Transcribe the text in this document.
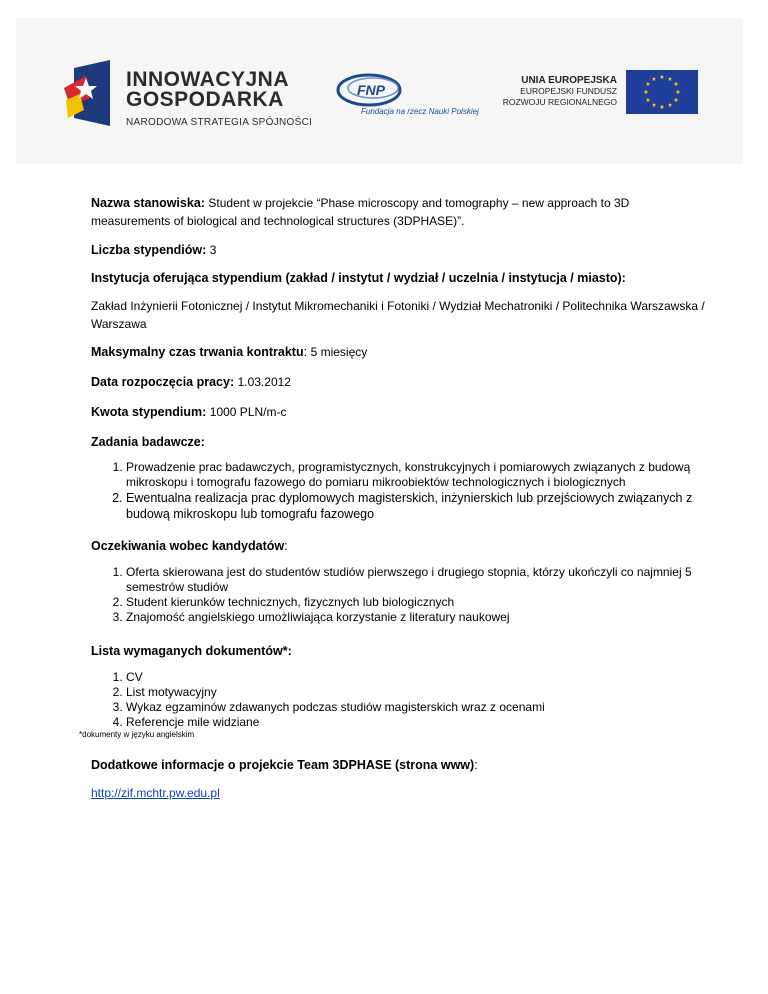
INNOWACYJNA
GOSPODARKA
NARODOWA STRATEGIA SPÓJNOŚCI
FNP
Fundacja na rzecz Nauki Polskiej
UNIA EUROPEJSKA
EUROPEJSKI FUNDUSZ
ROZWOJU REGIONALNEGO
★ ★
★
★
★
★
★
★
★
★
★
★

Nazwa stanowiska: Student w projekcie “Phase microscopy and tomography – new approach to 3D measurements of biological and technological structures (3DPHASE)”.

Liczba stypendiów: 3

Instytucja oferująca stypendium (zakład / instytut / wydział / uczelnia / instytucja / miasto):

Zakład Inżynierii Fotonicznej / Instytut Mikromechaniki i Fotoniki / Wydział Mechatroniki / Politechnika Warszawska / Warszawa

Maksymalny czas trwania kontraktu: 5 miesięcy

Data rozpoczęcia pracy: 1.03.2012

Kwota stypendium: 1000 PLN/m-c

Zadania badawcze:

1. Prowadzenie prac badawczych, programistycznych, konstrukcyjnych i pomiarowych związanych z budową mikroskopu i tomografu fazowego do pomiaru mikroobiektów technologicznych i biologicznych
2. Ewentualna realizacja prac dyplomowych magisterskich, inżynierskich lub przejściowych związanych z budową mikroskopu lub tomografu fazowego

Oczekiwania wobec kandydatów:

1. Oferta skierowana jest do studentów studiów pierwszego i drugiego stopnia, którzy ukończyli co najmniej 5 semestrów studiów
2. Student kierunków technicznych, fizycznych lub biologicznych
3. Znajomość angielskiego umożliwiająca korzystanie z literatury naukowej

Lista wymaganych dokumentów*:

1. CV
2. List motywacyjny
3. Wykaz egzaminów zdawanych podczas studiów magisterskich wraz z ocenami
4. Referencje mile widziane

*dokumenty w języku angielskim

Dodatkowe informacje o projekcie Team 3DPHASE (strona www):

http://zif.mchtr.pw.edu.pl
